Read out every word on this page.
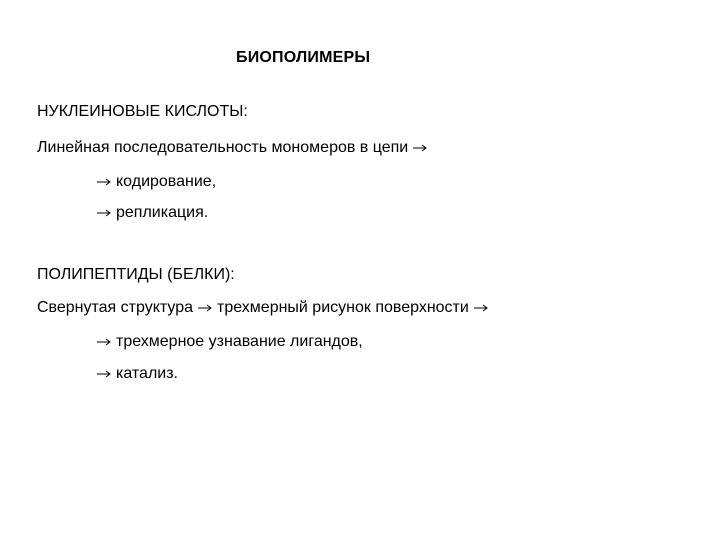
БИОПОЛИМЕРЫ
НУКЛЕИНОВЫЕ КИСЛОТЫ:
Линейная последовательность мономеров в цепи
кодирование,
репликация.
ПОЛИПЕПТИДЫ (БЕЛКИ):
Свернутая структура трехмерный рисунок поверхности
трехмерное узнавание лигандов,
катализ.
